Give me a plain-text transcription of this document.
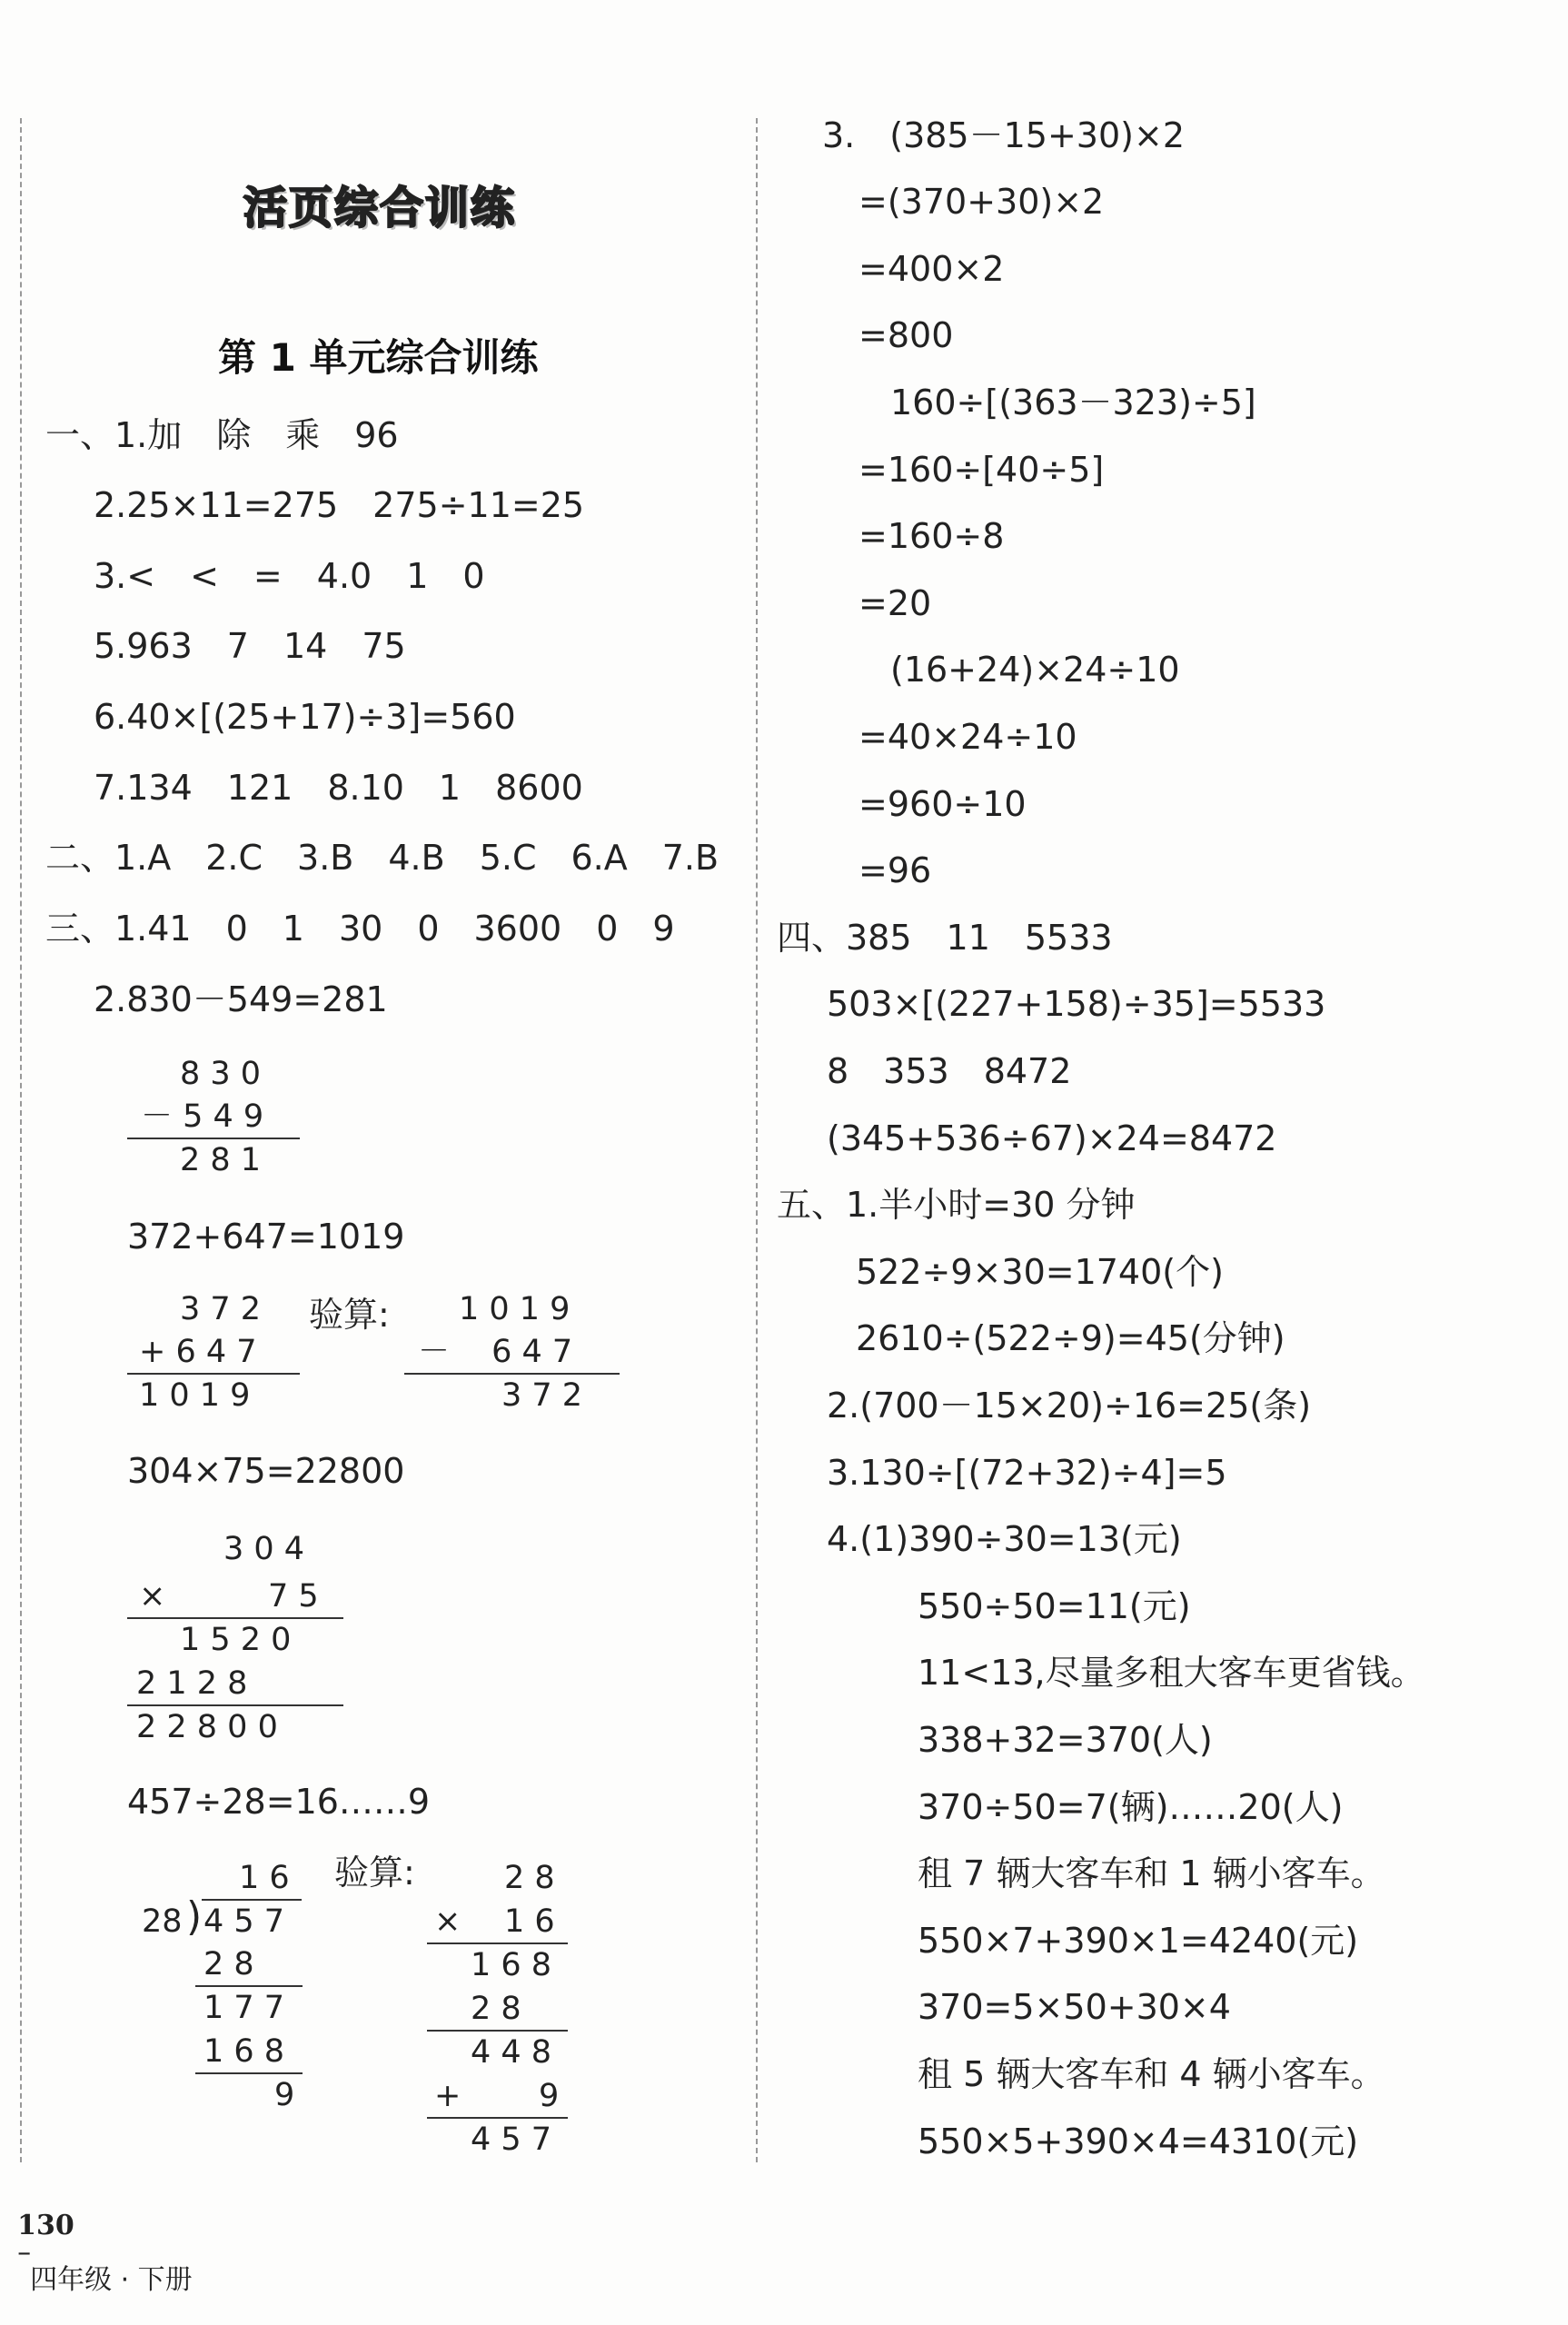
活页综合训练
第 1 单元综合训练
一、1.加　除　乘　96
2.25×11=275　275÷11=25
3.<　<　=　4.0　1　0
5.963　7　14　75
6.40×[(25+17)÷3]=560
7.134　121　8.10　1　8600
二、1.A　2.C　3.B　4.B　5.C　6.A　7.B
三、1.41　0　1　30　0　3600　0　9
2.830－549=281
8 3 0
－ 5 4 9
2 8 1
372+647=1019
3 7 2
+ 6 4 7
1 0 1 9
验算: 1 0 1 9
－　 6 4 7
3 7 2
304×75=22800
3 0 4
×	7 5
1 5 2 0
2 1 2 8
2 2 8 0 0
457÷28=16……9
1 6
28 ) 4 5 7
2 8
1 7 7
1 6 8
9
验算:	2 8
× 1 6
1 6 8
2 8
4 4 8
+ 9
4 5 7
3.　(385－15+30)×2
=(370+30)×2
=400×2
=800
160÷[(363－323)÷5]
=160÷[40÷5]
=160÷8
=20
(16+24)×24÷10
=40×24÷10
=960÷10
=96
四、385　11　5533
503×[(227+158)÷35]=5533
8　353　8472
(345+536÷67)×24=8472
五、1.半小时=30 分钟
522÷9×30=1740(个)
2610÷(522÷9)=45(分钟)
2.(700－15×20)÷16=25(条)
3.130÷[(72+32)÷4]=5
4.(1)390÷30=13(元)
550÷50=11(元)
11<13,尽量多租大客车更省钱。
338+32=370(人)
370÷50=7(辆)……20(人)
租 7 辆大客车和 1 辆小客车。
550×7+390×1=4240(元)
370=5×50+30×4
租 5 辆大客车和 4 辆小客车。
550×5+390×4=4310(元)

130
–
四年级 · 下册
